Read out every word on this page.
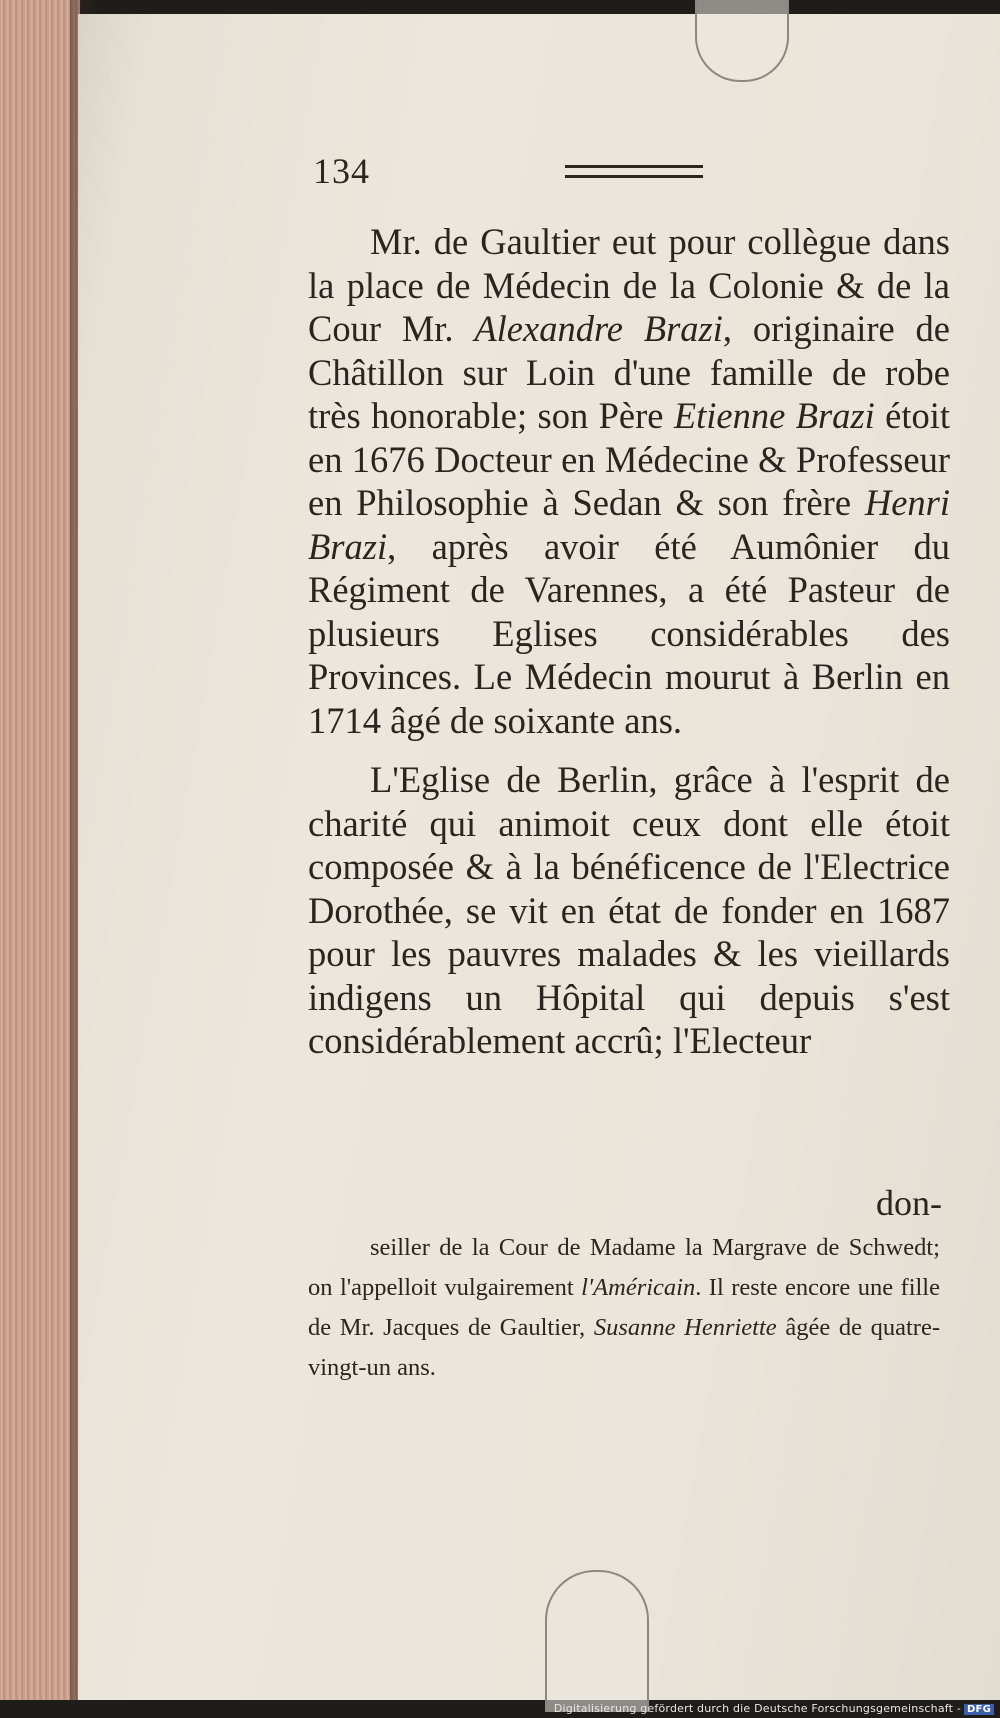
134

Mr. de Gaultier eut pour collègue dans la place de Médecin de la Colonie & de la Cour Mr. Alexandre Brazi, originaire de Châtillon sur Loin d'une famille de robe très honorable; son Père Etienne Brazi étoit en 1676 Docteur en Médecine & Professeur en Philosophie à Sedan & son frère Henri Brazi, après avoir été Aumônier du Régiment de Varennes, a été Pasteur de plusieurs Eglises considérables des Provinces. Le Médecin mourut à Berlin en 1714 âgé de soixante ans.

L'Eglise de Berlin, grâce à l'esprit de charité qui animoit ceux dont elle étoit composée & à la bénéficence de l'Electrice Dorothée, se vit en état de fonder en 1687 pour les pauvres malades & les vieillards indigens un Hôpital qui depuis s'est considérablement accrû; l'Electeur

don-

seiller de la Cour de Madame la Margrave de Schwedt; on l'appelloit vulgairement l'Américain. Il reste encore une fille de Mr. Jacques de Gaultier, Susanne Henriette âgée de quatre-vingt-un ans.

Digitalisierung gefördert durch die Deutsche Forschungsgemeinschaft - DFG
